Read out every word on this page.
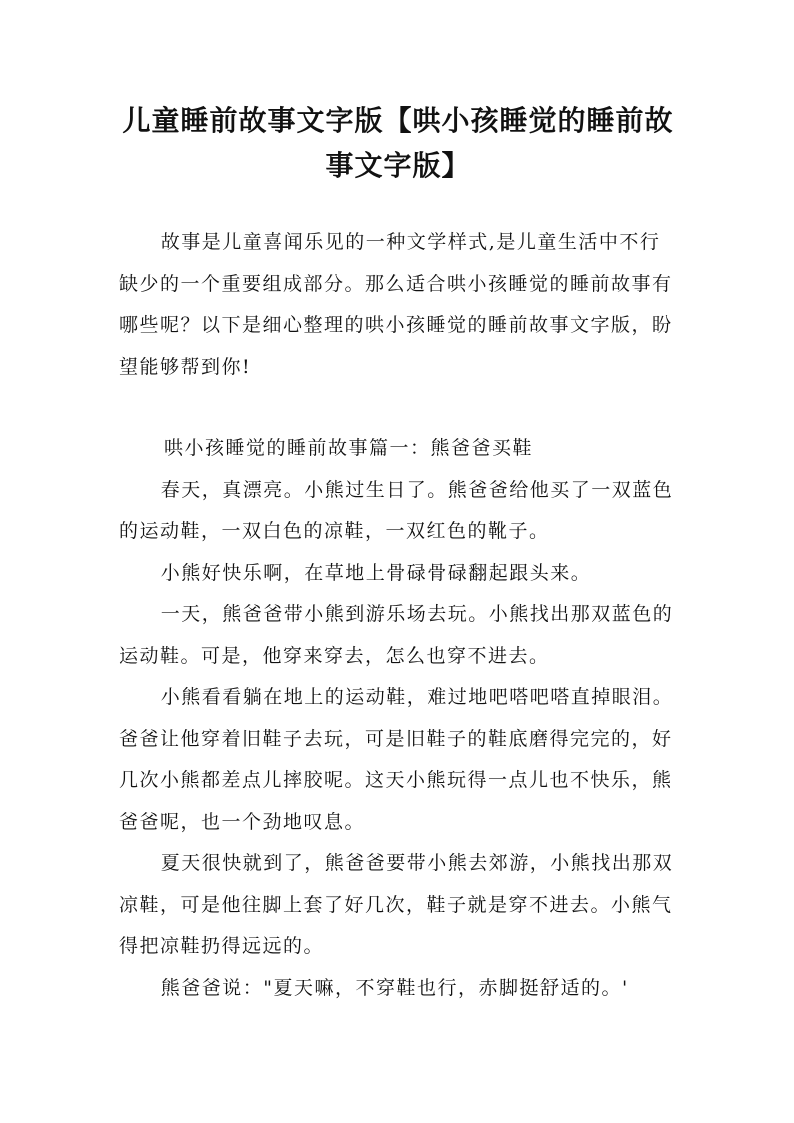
儿童睡前故事文字版【哄小孩睡觉的睡前故事文字版】

故事是儿童喜闻乐见的一种文学样式,是儿童生活中不行缺少的一个重要组成部分。那么适合哄小孩睡觉的睡前故事有哪些呢？以下是细心整理的哄小孩睡觉的睡前故事文字版，盼望能够帮到你!

哄小孩睡觉的睡前故事篇一：熊爸爸买鞋

春天，真漂亮。小熊过生日了。熊爸爸给他买了一双蓝色的运动鞋，一双白色的凉鞋，一双红色的靴子。

小熊好快乐啊，在草地上骨碌骨碌翻起跟头来。

一天，熊爸爸带小熊到游乐场去玩。小熊找出那双蓝色的运动鞋。可是，他穿来穿去，怎么也穿不进去。

小熊看看躺在地上的运动鞋，难过地吧嗒吧嗒直掉眼泪。爸爸让他穿着旧鞋子去玩，可是旧鞋子的鞋底磨得完完的，好几次小熊都差点儿摔胶呢。这天小熊玩得一点儿也不快乐，熊爸爸呢，也一个劲地叹息。

夏天很快就到了，熊爸爸要带小熊去郊游，小熊找出那双凉鞋，可是他往脚上套了好几次，鞋子就是穿不进去。小熊气得把凉鞋扔得远远的。

熊爸爸说："夏天嘛，不穿鞋也行，赤脚挺舒适的。'
